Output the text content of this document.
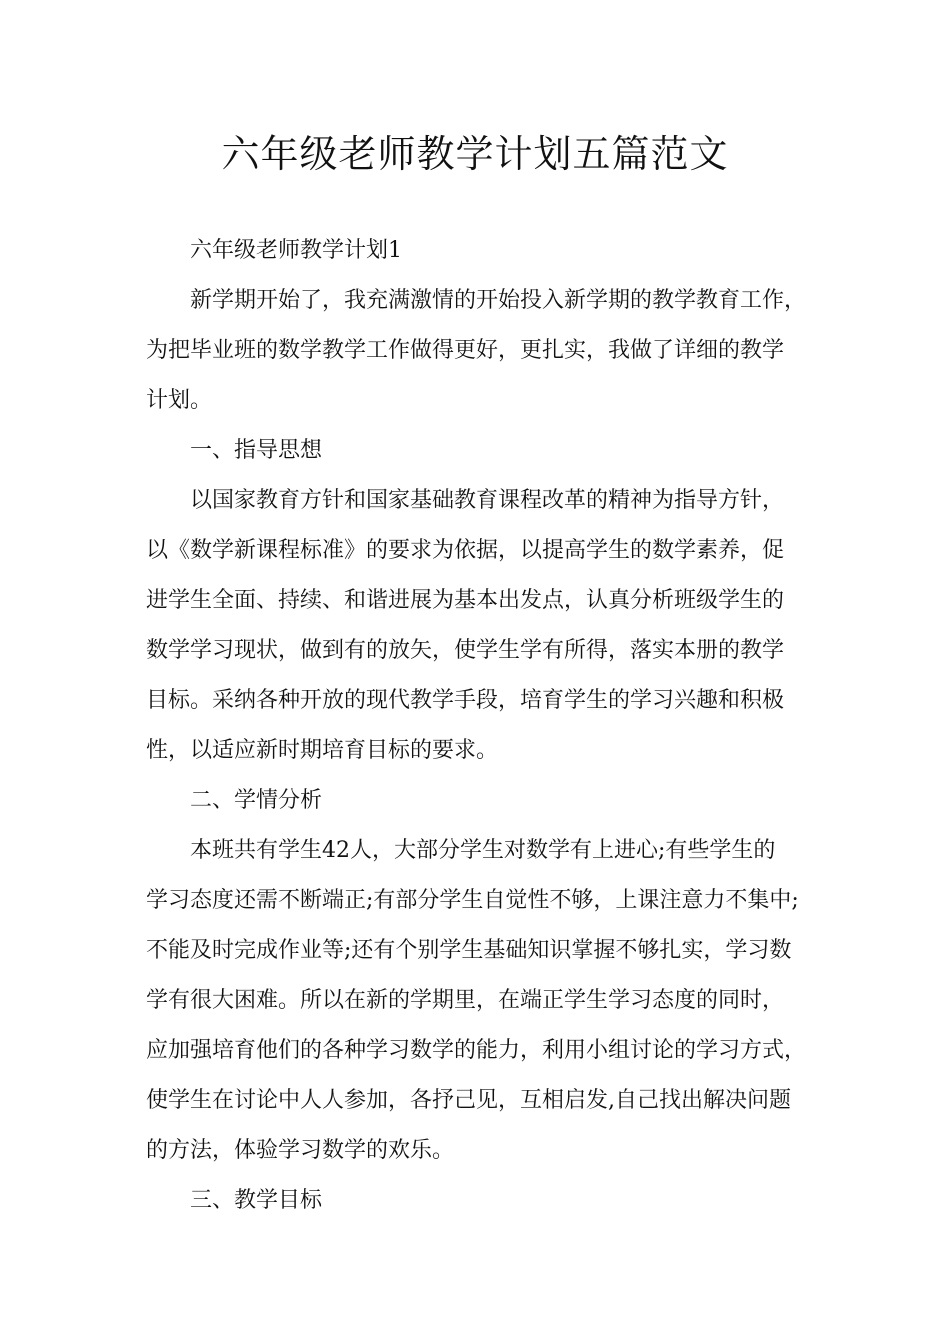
六年级老师教学计划五篇范文

六年级老师教学计划1

新学期开始了，我充满激情的开始投入新学期的教学教育工作，

为把毕业班的数学教学工作做得更好，更扎实，我做了详细的教学

计划。

一、指导思想

以国家教育方针和国家基础教育课程改革的精神为指导方针，

以《数学新课程标准》的要求为依据，以提高学生的数学素养，促

进学生全面、持续、和谐进展为基本出发点，认真分析班级学生的

数学学习现状，做到有的放矢，使学生学有所得，落实本册的教学

目标。采纳各种开放的现代教学手段，培育学生的学习兴趣和积极

性，以适应新时期培育目标的要求。

二、学情分析

本班共有学生42人，大部分学生对数学有上进心;有些学生的

学习态度还需不断端正;有部分学生自觉性不够，上课注意力不集中;

不能及时完成作业等;还有个别学生基础知识掌握不够扎实，学习数

学有很大困难。所以在新的学期里，在端正学生学习态度的同时，

应加强培育他们的各种学习数学的能力，利用小组讨论的学习方式，

使学生在讨论中人人参加，各抒己见，互相启发,自己找出解决问题

的方法，体验学习数学的欢乐。

三、教学目标
